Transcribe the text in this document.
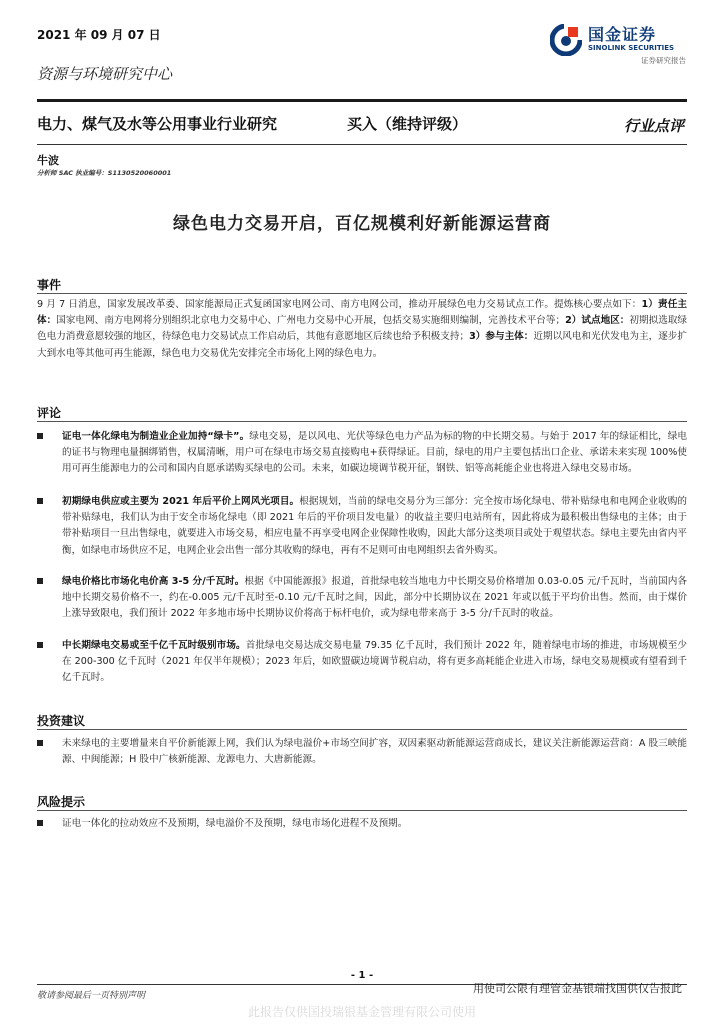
2021 年 09 月 07 日	国金证券
SINOLINK SECURITIES
证券研究报告
资源与环境研究中心
电力、煤气及水等公用事业行业研究	买入（维持评级）	行业点评
牛波
分析师 SAC 执业编号：S1130520060001
绿色电力交易开启，百亿规模利好新能源运营商
事件
9 月 7 日消息，国家发展改革委、国家能源局正式复函国家电网公司、南方电网公司，推动开展绿色电力交易试点工作。提炼核心要点如下：1）责任主体：国家电网、南方电网将分别组织北京电力交易中心、广州电力交易中心开展，包括交易实施细则编制，完善技术平台等；2）试点地区：初期拟选取绿色电力消费意愿较强的地区，待绿色电力交易试点工作启动后，其他有意愿地区后续也给予积极支持；3）参与主体：近期以风电和光伏发电为主，逐步扩大到水电等其他可再生能源，绿色电力交易优先安排完全市场化上网的绿色电力。
评论
证电一体化绿电为制造业企业加持“绿卡”。绿电交易，是以风电、光伏等绿色电力产品为标的物的中长期交易。与始于 2017 年的绿证相比，绿电的证书与物理电量捆绑销售，权属清晰，用户可在绿电市场交易直接购电+获得绿证。目前，绿电的用户主要包括出口企业、承诺未来实现 100%使用可再生能源电力的公司和国内自愿承诺购买绿电的公司。未来，如碳边境调节税开征，钢铁、铝等高耗能企业也将进入绿电交易市场。
初期绿电供应或主要为 2021 年后平价上网风光项目。根据规划，当前的绿电交易分为三部分：完全按市场化绿电、带补贴绿电和电网企业收购的带补贴绿电，我们认为由于安全市场化绿电（即 2021 年后的平价项目发电量）的收益主要归电站所有，因此将成为最积极出售绿电的主体；由于带补贴项目一旦出售绿电，就要进入市场交易，相应电量不再享受电网企业保障性收购，因此大部分这类项目或处于观望状态。绿电主要先由省内平衡，如绿电市场供应不足，电网企业会出售一部分其收购的绿电，再有不足则可由电网组织去省外购买。
绿电价格比市场化电价高 3-5 分/千瓦时。根据《中国能源报》报道，首批绿电较当地电力中长期交易价格增加 0.03-0.05 元/千瓦时，当前国内各地中长期交易价格不一，约在-0.005 元/千瓦时至-0.10 元/千瓦时之间，因此，部分中长期协议在 2021 年或以低于平均价出售。然而，由于煤价上涨导致限电，我们预计 2022 年多地市场中长期协议价将高于标杆电价，或为绿电带来高于 3-5 分/千瓦时的收益。
中长期绿电交易或至千亿千瓦时级别市场。首批绿电交易达成交易电量 79.35 亿千瓦时，我们预计 2022 年，随着绿电市场的推进，市场规模至少在 200-300 亿千瓦时（2021 年仅半年规模）；2023 年后，如欧盟碳边境调节税启动，将有更多高耗能企业进入市场，绿电交易规模或有望看到千亿千瓦时。
投资建议
未来绿电的主要增量来自平价新能源上网，我们认为绿电溢价+市场空间扩容，双因素驱动新能源运营商成长，建议关注新能源运营商：A 股三峡能源、中闽能源；H 股中广核新能源、龙源电力、大唐新能源。
风险提示
证电一体化的拉动效应不及预期，绿电溢价不及预期，绿电市场化进程不及预期。
- 1 -
敬请参阅最后一页特别声明
用使司公限有理管金基银瑞找国供仅告报此
此报告仅供国投瑞银基金管理有限公司使用
